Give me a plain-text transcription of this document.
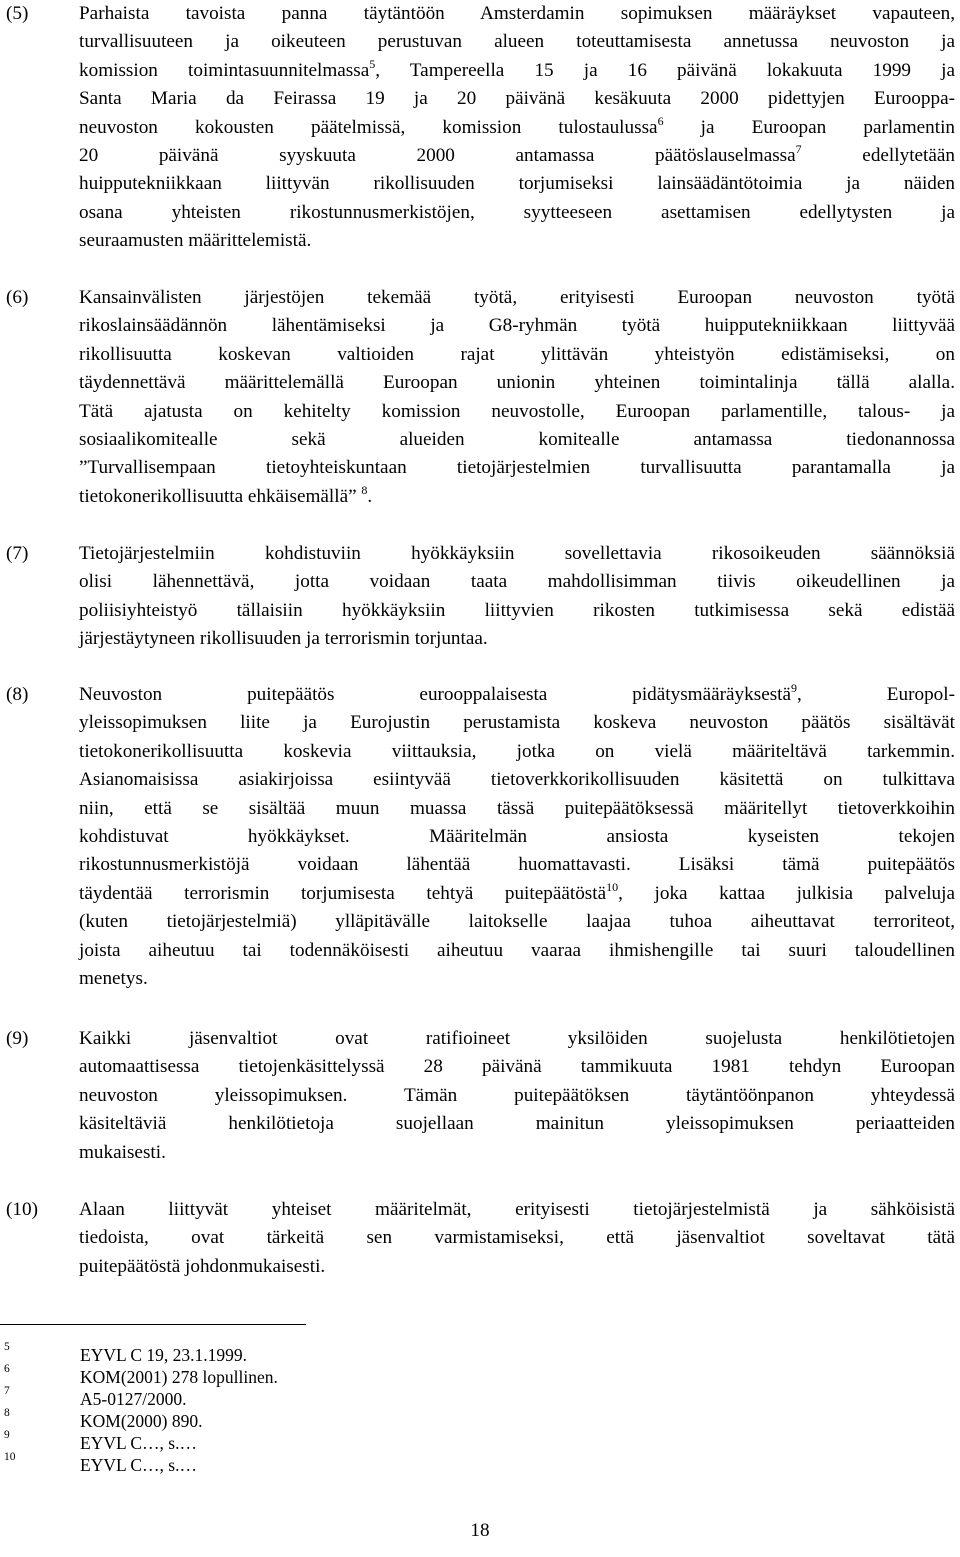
(5)	Parhaista tavoista panna täytäntöön Amsterdamin sopimuksen määräykset vapauteen,
turvallisuuteen ja oikeuteen perustuvan alueen toteuttamisesta annetussa neuvoston ja
komission toimintasuunnitelmassa$^5$, Tampereella 15 ja 16 päivänä lokakuuta 1999 ja
Santa Maria da Feirassa 19 ja 20 päivänä kesäkuuta 2000 pidettyjen Eurooppa-
neuvoston kokousten päätelmissä, komission tulostaulussa$^6$ ja Euroopan parlamentin
20 päivänä syyskuuta 2000 antamassa päätöslauselmassa$^7$ edellytetään
huipputekniikkaan liittyvän rikollisuuden torjumiseksi lainsäädäntötoimia ja näiden
osana yhteisten rikostunnusmerkistöjen, syytteeseen asettamisen edellytysten ja
seuraamusten määrittelemistä.
(6)	Kansainvälisten järjestöjen tekemää työtä, erityisesti Euroopan neuvoston työtä
rikoslainsäädännön lähentämiseksi ja G8-ryhmän työtä huipputekniikkaan liittyvää
rikollisuutta koskevan valtioiden rajat ylittävän yhteistyön edistämiseksi, on
täydennettävä määrittelemällä Euroopan unionin yhteinen toimintalinja tällä alalla.
Tätä ajatusta on kehitelty komission neuvostolle, Euroopan parlamentille, talous- ja
sosiaalikomitealle sekä alueiden komitealle antamassa tiedonannossa
”Turvallisempaan tietoyhteiskuntaan tietojärjestelmien turvallisuutta parantamalla ja
tietokonerikollisuutta ehkäisemällä” $^8$.
(7)	Tietojärjestelmiin kohdistuviin hyökkäyksiin sovellettavia rikosoikeuden säännöksiä
olisi lähennettävä, jotta voidaan taata mahdollisimman tiivis oikeudellinen ja
poliisiyhteistyö tällaisiin hyökkäyksiin liittyvien rikosten tutkimisessa sekä edistää
järjestäytyneen rikollisuuden ja terrorismin torjuntaa.
(8)	Neuvoston puitepäätös eurooppalaisesta pidätysmääräyksestä$^9$, Europol-
yleissopimuksen liite ja Eurojustin perustamista koskeva neuvoston päätös sisältävät
tietokonerikollisuutta koskevia viittauksia, jotka on vielä määriteltävä tarkemmin.
Asianomaisissa asiakirjoissa esiintyvää tietoverkkorikollisuuden käsitettä on tulkittava
niin, että se sisältää muun muassa tässä puitepäätöksessä määritellyt tietoverkkoihin
kohdistuvat hyökkäykset. Määritelmän ansiosta kyseisten tekojen
rikostunnusmerkistöjä voidaan lähentää huomattavasti. Lisäksi tämä puitepäätös
täydentää terrorismin torjumisesta tehtyä puitepäätöstä$^{10}$, joka kattaa julkisia palveluja
(kuten tietojärjestelmiä) ylläpitävälle laitokselle laajaa tuhoa aiheuttavat terroriteot,
joista aiheutuu tai todennäköisesti aiheutuu vaaraa ihmishengille tai suuri taloudellinen
menetys.
(9)	Kaikki jäsenvaltiot ovat ratifioineet yksilöiden suojelusta henkilötietojen
automaattisessa tietojenkäsittelyssä 28 päivänä tammikuuta 1981 tehdyn Euroopan
neuvoston yleissopimuksen. Tämän puitepäätöksen täytäntöönpanon yhteydessä
käsiteltäviä henkilötietoja suojellaan mainitun yleissopimuksen periaatteiden
mukaisesti.
(10) Alaan liittyvät yhteiset määritelmät, erityisesti tietojärjestelmistä ja sähköisistä
tiedoista, ovat tärkeitä sen varmistamiseksi, että jäsenvaltiot soveltavat tätä
puitepäätöstä johdonmukaisesti.
5	EYVL C 19, 23.1.1999.
6	KOM(2001) 278 lopullinen.
7	A5-0127/2000.
8	KOM(2000) 890.
9	EYVL C…, s.…
10	EYVL C…, s.…
18
